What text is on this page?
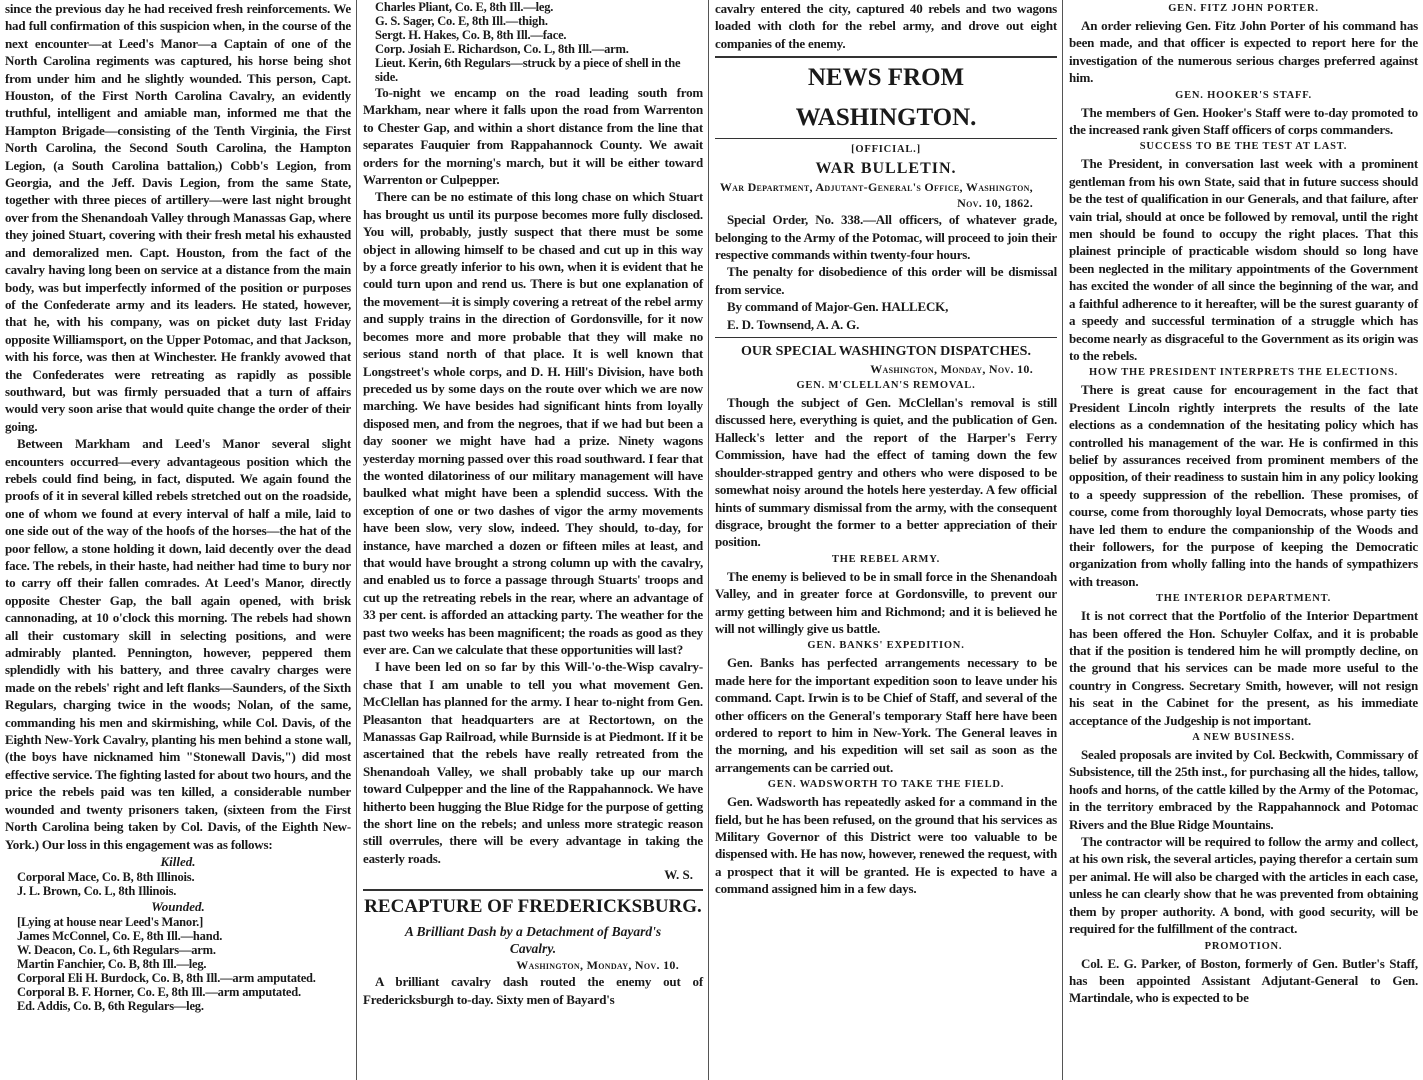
since the previous day he had received fresh reinforcements. We had full confirmation of this suspicion when, in the course of the next encounter—at Leed's Manor—a Captain of one of the North Carolina regiments was captured, his horse being shot from under him and he slightly wounded. This person, Capt. Houston, of the First North Carolina Cavalry, an evidently truthful, intelligent and amiable man, informed me that the Hampton Brigade—consisting of the Tenth Virginia, the First North Carolina, the Second South Carolina, the Hampton Legion, (a South Carolina battalion,) Cobb's Legion, from Georgia, and the Jeff. Davis Legion, from the same State, together with three pieces of artillery—were last night brought over from the Shenandoah Valley through Manassas Gap, where they joined Stuart, covering with their fresh metal his exhausted and demoralized men. Capt. Houston, from the fact of the cavalry having long been on service at a distance from the main body, was but imperfectly informed of the position or purposes of the Confederate army and its leaders. He stated, however, that he, with his company, was on picket duty last Friday opposite Williamsport, on the Upper Potomac, and that Jackson, with his force, was then at Winchester. He frankly avowed that the Confederates were retreating as rapidly as possible southward, but was firmly persuaded that a turn of affairs would very soon arise that would quite change the order of their going.

Between Markham and Leed's Manor several slight encounters occurred—every advantageous position which the rebels could find being, in fact, disputed. We again found the proofs of it in several killed rebels stretched out on the roadside, one of whom we found at every interval of half a mile, laid to one side out of the way of the hoofs of the horses—the hat of the poor fellow, a stone holding it down, laid decently over the dead face. The rebels, in their haste, had neither had time to bury nor to carry off their fallen comrades. At Leed's Manor, directly opposite Chester Gap, the ball again opened, with brisk cannonading, at 10 o'clock this morning. The rebels had shown all their customary skill in selecting positions, and were admirably planted. Pennington, however, peppered them splendidly with his battery, and three cavalry charges were made on the rebels' right and left flanks—Saunders, of the Sixth Regulars, charging twice in the woods; Nolan, of the same, commanding his men and skirmishing, while Col. Davis, of the Eighth New-York Cavalry, planting his men behind a stone wall, (the boys have nicknamed him "Stonewall Davis,") did most effective service. The fighting lasted for about two hours, and the price the rebels paid was ten killed, a considerable number wounded and twenty prisoners taken, (sixteen from the First North Carolina being taken by Col. Davis, of the Eighth New-York.) Our loss in this engagement was as follows:

Killed.
Corporal Mace, Co. B, 8th Illinois.
J. L. Brown, Co. L, 8th Illinois.
Wounded.
[Lying at house near Leed's Manor.]
James McConnel, Co. E, 8th Ill.—hand.
W. Deacon, Co. L, 6th Regulars—arm.
Martin Fanchier, Co. B, 8th Ill.—leg.
Corporal Eli H. Burdock, Co. B, 8th Ill.—arm amputated.
Corporal B. F. Horner, Co. E, 8th Ill.—arm amputated.
Ed. Addis, Co. B, 6th Regulars—leg.
Charles Pliant, Co. E, 8th Ill.—leg.
G. S. Sager, Co. E, 8th Ill.—thigh.
Sergt. H. Hakes, Co. B, 8th Ill.—face.
Corp. Josiah E. Richardson, Co. L, 8th Ill.—arm.
Lieut. Kerin, 6th Regulars—struck by a piece of shell in the side.

To-night we encamp on the road leading south from Markham, near where it falls upon the road from Warrenton to Chester Gap, and within a short distance from the line that separates Fauquier from Rappahannock County. We await orders for the morning's march, but it will be either toward Warrenton or Culpepper.

There can be no estimate of this long chase on which Stuart has brought us until its purpose becomes more fully disclosed. You will, probably, justly suspect that there must be some object in allowing himself to be chased and cut up in this way by a force greatly inferior to his own, when it is evident that he could turn upon and rend us. There is but one explanation of the movement—it is simply covering a retreat of the rebel army and supply trains in the direction of Gordonsville, for it now becomes more and more probable that they will make no serious stand north of that place. It is well known that Longstreet's whole corps, and D. H. Hill's Division, have both preceded us by some days on the route over which we are now marching. We have besides had significant hints from loyally disposed men, and from the negroes, that if we had but been a day sooner we might have had a prize. Ninety wagons yesterday morning passed over this road southward. I fear that the wonted dilatoriness of our military management will have baulked what might have been a splendid success. With the exception of one or two dashes of vigor the army movements have been slow, very slow, indeed. They should, to-day, for instance, have marched a dozen or fifteen miles at least, and that would have brought a strong column up with the cavalry, and enabled us to force a passage through Stuarts' troops and cut up the retreating rebels in the rear, where an advantage of 33 per cent. is afforded an attacking party. The weather for the past two weeks has been magnificent; the roads as good as they ever are. Can we calculate that these opportunities will last?

I have been led on so far by this Will-'o-the-Wisp cavalry-chase that I am unable to tell you what movement Gen. McClellan has planned for the army. I hear to-night from Gen. Pleasanton that headquarters are at Rectortown, on the Manassas Gap Railroad, while Burnside is at Piedmont. If it be ascertained that the rebels have really retreated from the Shenandoah Valley, we shall probably take up our march toward Culpepper and the line of the Rappahannock. We have hitherto been hugging the Blue Ridge for the purpose of getting the short line on the rebels; and unless more strategic reason still overrules, there will be every advantage in taking the easterly roads.

W. S.
RECAPTURE OF FREDERICKSBURG.
A Brilliant Dash by a Detachment of Bayard's Cavalry.
Washington, Monday, Nov. 10.

A brilliant cavalry dash routed the enemy out of Fredericksburgh to-day. Sixty men of Bayard's

cavalry entered the city, captured 40 rebels and two wagons loaded with cloth for the rebel army, and drove out eight companies of the enemy.

NEWS FROM WASHINGTON.
[OFFICIAL.]
WAR BULLETIN.
War Department, Adjutant-General's Office, Washington, Nov. 10, 1862.

Special Order, No. 338.—All officers, of whatever grade, belonging to the Army of the Potomac, will proceed to join their respective commands within twenty-four hours.

The penalty for disobedience of this order will be dismissal from service.

By command of Major-Gen. HALLECK,

E. D. Townsend, A. A. G.

OUR SPECIAL WASHINGTON DISPATCHES.
Washington, Monday, Nov. 10.
GEN. M'CLELLAN'S REMOVAL.

Though the subject of Gen. McClellan's removal is still discussed here, everything is quiet, and the publication of Gen. Halleck's letter and the report of the Harper's Ferry Commission, have had the effect of taming down the few shoulder-strapped gentry and others who were disposed to be somewhat noisy around the hotels here yesterday. A few official hints of summary dismissal from the army, with the consequent disgrace, brought the former to a better appreciation of their position.

THE REBEL ARMY.

The enemy is believed to be in small force in the Shenandoah Valley, and in greater force at Gordonsville, to prevent our army getting between him and Richmond; and it is believed he will not willingly give us battle.

GEN. BANKS' EXPEDITION.

Gen. Banks has perfected arrangements necessary to be made here for the important expedition soon to leave under his command. Capt. Irwin is to be Chief of Staff, and several of the other officers on the General's temporary Staff here have been ordered to report to him in New-York. The General leaves in the morning, and his expedition will set sail as soon as the arrangements can be carried out.

GEN. WADSWORTH TO TAKE THE FIELD.

Gen. Wadsworth has repeatedly asked for a command in the field, but he has been refused, on the ground that his services as Military Governor of this District were too valuable to be dispensed with. He has now, however, renewed the request, with a prospect that it will be granted. He is expected to have a command assigned him in a few days.

GEN. FITZ JOHN PORTER.

An order relieving Gen. Fitz John Porter of his command has been made, and that officer is expected to report here for the investigation of the numerous serious charges preferred against him.

GEN. HOOKER'S STAFF.

The members of Gen. Hooker's Staff were to-day promoted to the increased rank given Staff officers of corps commanders.

SUCCESS TO BE THE TEST AT LAST.

The President, in conversation last week with a prominent gentleman from his own State, said that in future success should be the test of qualification in our Generals, and that failure, after vain trial, should at once be followed by removal, until the right men should be found to occupy the right places. That this plainest principle of practicable wisdom should so long have been neglected in the military appointments of the Government has excited the wonder of all since the beginning of the war, and a faithful adherence to it hereafter, will be the surest guaranty of a speedy and successful termination of a struggle which has become nearly as disgraceful to the Government as its origin was to the rebels.

HOW THE PRESIDENT INTERPRETS THE ELECTIONS.

There is great cause for encouragement in the fact that President Lincoln rightly interprets the results of the late elections as a condemnation of the hesitating policy which has controlled his management of the war. He is confirmed in this belief by assurances received from prominent members of the opposition, of their readiness to sustain him in any policy looking to a speedy suppression of the rebellion. These promises, of course, come from thoroughly loyal Democrats, whose party ties have led them to endure the companionship of the Woods and their followers, for the purpose of keeping the Democratic organization from wholly falling into the hands of sympathizers with treason.

THE INTERIOR DEPARTMENT.

It is not correct that the Portfolio of the Interior Department has been offered the Hon. Schuyler Colfax, and it is probable that if the position is tendered him he will promptly decline, on the ground that his services can be made more useful to the country in Congress. Secretary Smith, however, will not resign his seat in the Cabinet for the present, as his immediate acceptance of the Judgeship is not important.

A NEW BUSINESS.

Sealed proposals are invited by Col. Beckwith, Commissary of Subsistence, till the 25th inst., for purchasing all the hides, tallow, hoofs and horns, of the cattle killed by the Army of the Potomac, in the territory embraced by the Rappahannock and Potomac Rivers and the Blue Ridge Mountains.

The contractor will be required to follow the army and collect, at his own risk, the several articles, paying therefor a certain sum per animal. He will also be charged with the articles in each case, unless he can clearly show that he was prevented from obtaining them by proper authority. A bond, with good security, will be required for the fulfillment of the contract.

PROMOTION.

Col. E. G. Parker, of Boston, formerly of Gen. Butler's Staff, has been appointed Assistant Adjutant-General to Gen. Martindale, who is expected to be
